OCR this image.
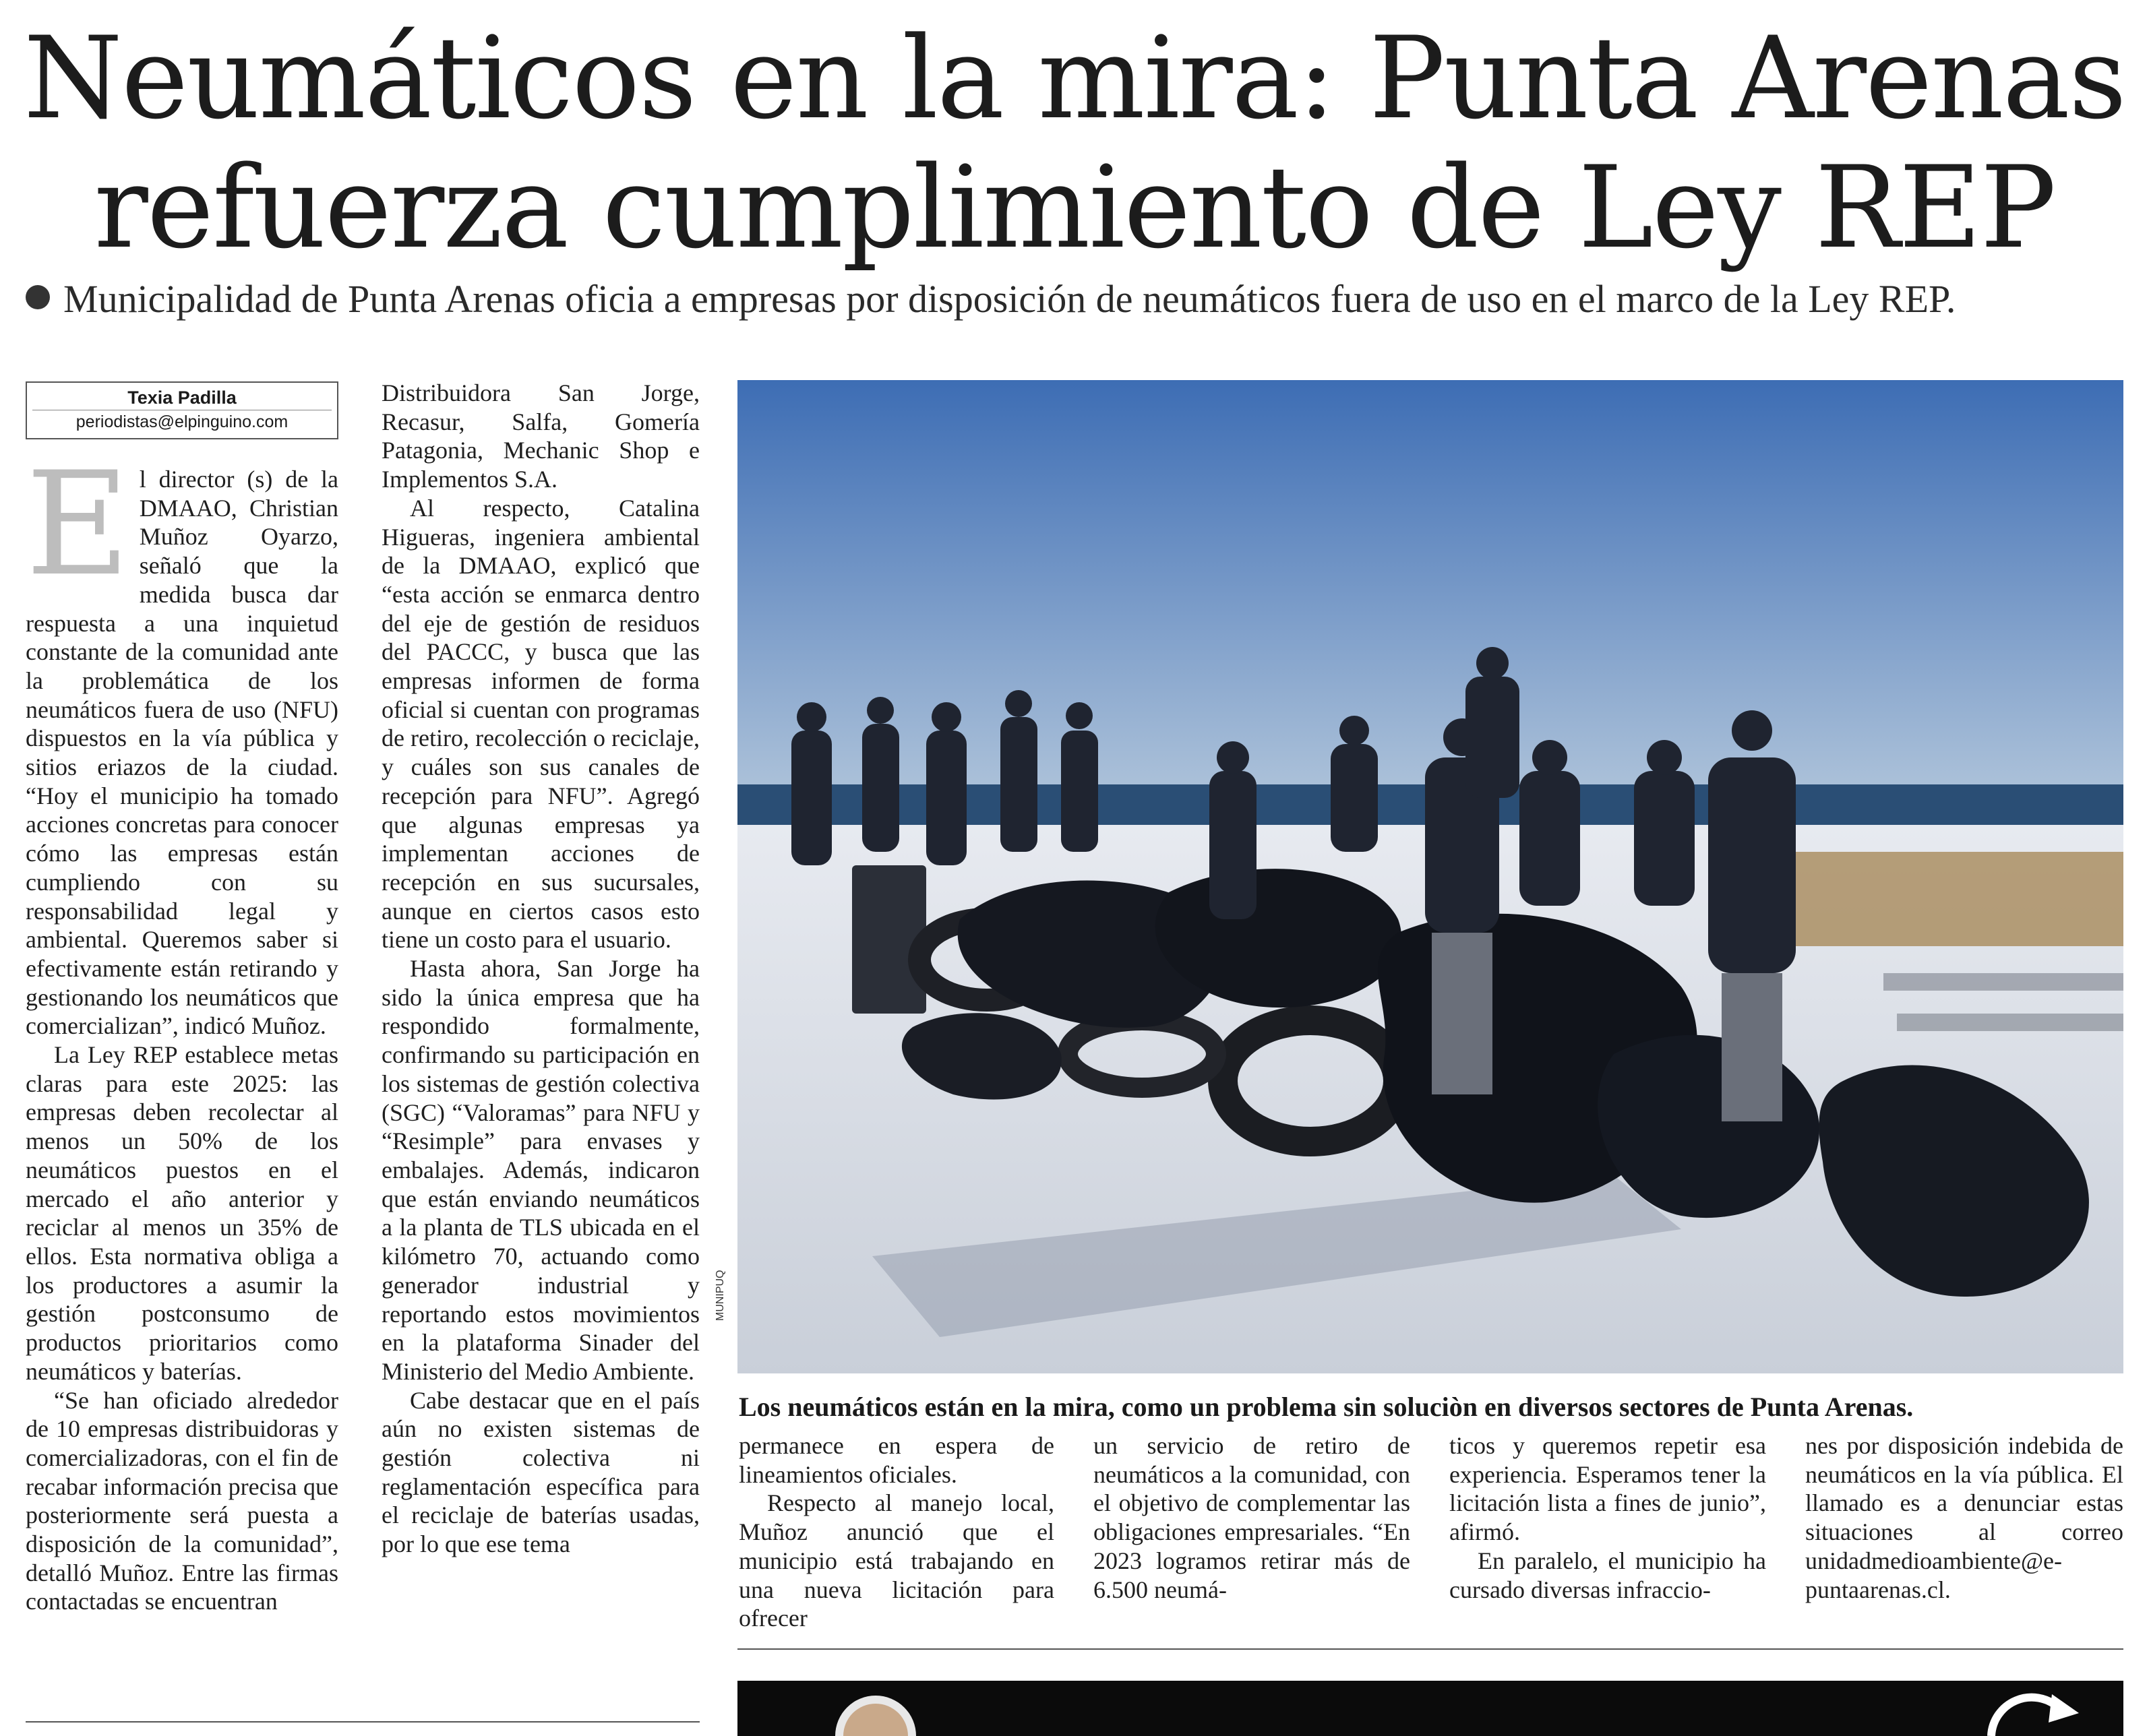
Neumáticos en la mira: Punta Arenas
refuerza cumplimiento de Ley REP
Municipalidad de Punta Arenas oficia a empresas por disposición de neumáticos fuera de uso en el marco de la Ley REP.
Texia Padilla
periodistas@elpinguino.com
E l director (s) de la DMAAO, Christian Muñoz Oyarzo, señaló que la medida busca dar respuesta a una inquietud constante de la comunidad ante la problemática de los neumáticos fuera de uso (NFU) dispuestos en la vía pública y sitios eriazos de la ciudad. “Hoy el municipio ha tomado acciones concretas para conocer cómo las empresas están cumpliendo con su responsabilidad legal y ambiental. Queremos saber si efectivamente están retirando y gestionando los neumáticos que comercializan”, indicó Muñoz.

La Ley REP establece metas claras para este 2025: las empresas deben recolectar al menos un 50% de los neumáticos puestos en el mercado el año anterior y reciclar al menos un 35% de ellos. Esta normativa obliga a los productores a asumir la gestión postconsumo de productos prioritarios como neumáticos y baterías.

“Se han oficiado alrededor de 10 empresas distribuidoras y comercializadoras, con el fin de recabar información precisa que posteriormente será puesta a disposición de la comunidad”, detalló Muñoz. Entre las firmas contactadas se encuentran

Distribuidora San Jorge, Recasur, Salfa, Gomería Patagonia, Mechanic Shop e Implementos S.A.

Al respecto, Catalina Higueras, ingeniera ambiental de la DMAAO, explicó que “esta acción se enmarca dentro del eje de gestión de residuos del PACCC, y busca que las empresas informen de forma oficial si cuentan con programas de retiro, recolección o reciclaje, y cuáles son sus canales de recepción para NFU”. Agregó que algunas empresas ya implementan acciones de recepción en sus sucursales, aunque en ciertos casos esto tiene un costo para el usuario.

Hasta ahora, San Jorge ha sido la única empresa que ha respondido formalmente, confirmando su participación en los sistemas de gestión colectiva (SGC) “Valoramas” para NFU y “Resimple” para envases y embalajes. Además, indicaron que están enviando neumáticos a la planta de TLS ubicada en el kilómetro 70, actuando como generador industrial y reportando estos movimientos en la plataforma Sinader del Ministerio del Medio Ambiente.

Cabe destacar que en el país aún no existen sistemas de gestión colectiva ni reglamentación específica para el reciclaje de baterías usadas, por lo que ese tema

MUNIPUQ
Los neumáticos están en la mira, como un problema sin soluciòn en diversos sectores de Punta Arenas.

permanece en espera de lineamientos oficiales.

Respecto al manejo local, Muñoz anunció que el municipio está trabajando en una nueva licitación para ofrecer

un servicio de retiro de neumáticos a la comunidad, con el objetivo de complementar las obligaciones empresariales. “En 2023 logramos retirar más de 6.500 neumá-

ticos y queremos repetir esa experiencia. Esperamos tener la licitación lista a fines de junio”, afirmó.

En paralelo, el municipio ha cursado diversas infraccio-

nes por disposición indebida de neumáticos en la vía pública. El llamado es a denunciar estas situaciones al correo unidadmedioambiente@e-puntaarenas.cl.
